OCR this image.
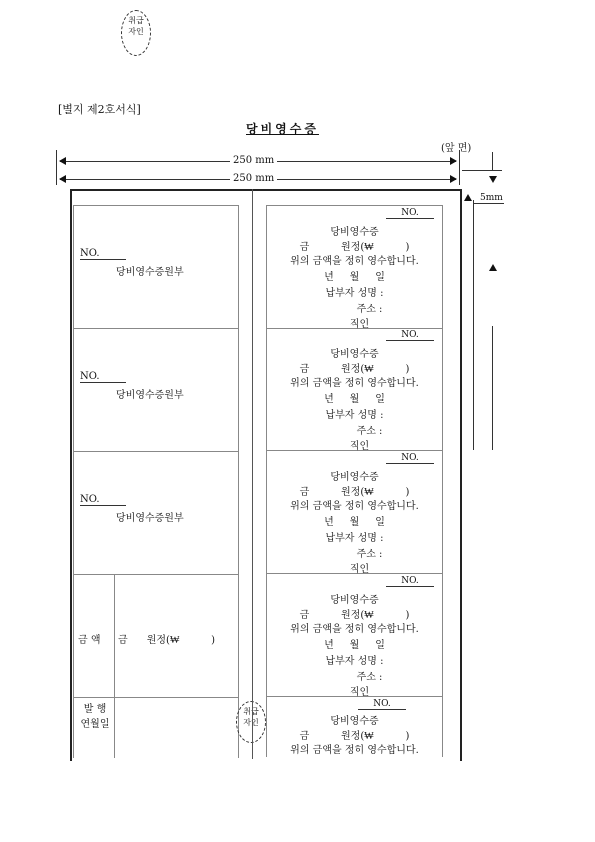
취급
자인
[별지 제2호서식]
당비영수증
(앞 면)
250 mm
250 mm
5mm
NO.
당비영수증원부
NO.
당비영수증원부
NO.
당비영수증원부
금 액 금      원정(₩          )
발 행
연월일
취급
자인
NO.
당비영수증
금          원정(₩          )
위의 금액을 정히 영수합니다.
년     월     일
납부자 성명 :
주소 :
직인
NO.
당비영수증
금          원정(₩          )
위의 금액을 정히 영수합니다.
년     월     일
납부자 성명 :
주소 :
직인
NO.
당비영수증
금          원정(₩          )
위의 금액을 정히 영수합니다.
년     월     일
납부자 성명 :
주소 :
직인
NO.
당비영수증
금          원정(₩          )
위의 금액을 정히 영수합니다.
년     월     일
납부자 성명 :
주소 :
직인
NO.
당비영수증
금          원정(₩          )
위의 금액을 정히 영수합니다.
